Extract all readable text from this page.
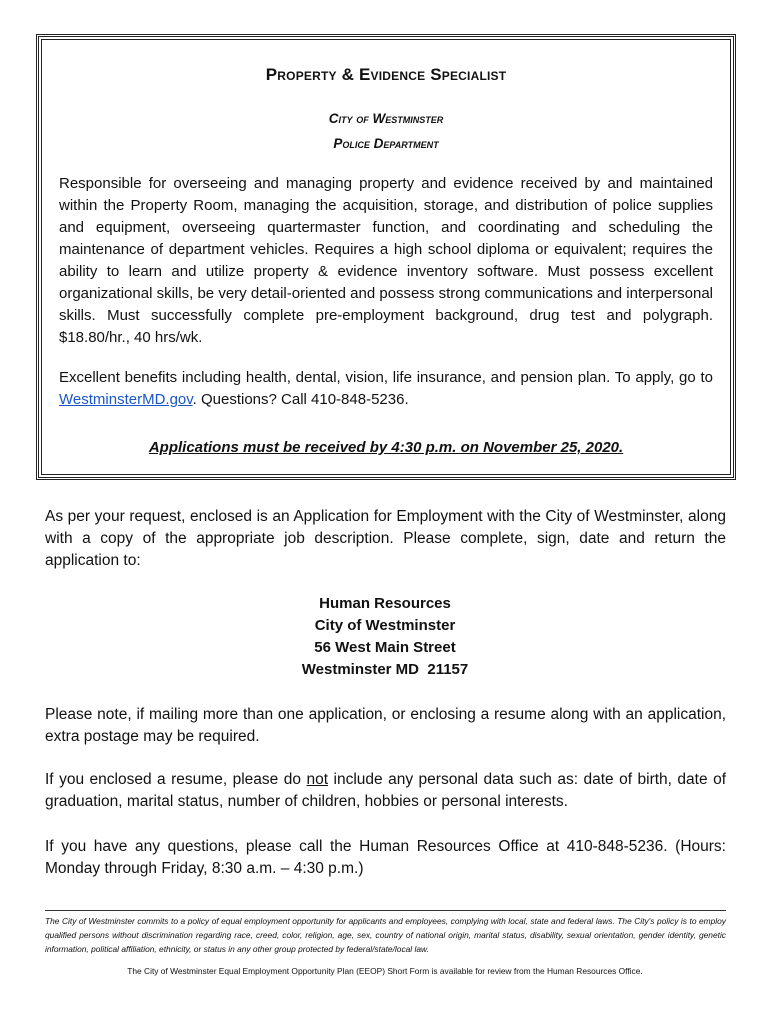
Property & Evidence Specialist
City of Westminster
Police Department
Responsible for overseeing and managing property and evidence received by and maintained within the Property Room, managing the acquisition, storage, and distribution of police supplies and equipment, overseeing quartermaster function, and coordinating and scheduling the maintenance of department vehicles. Requires a high school diploma or equivalent; requires the ability to learn and utilize property & evidence inventory software. Must possess excellent organizational skills, be very detail-oriented and possess strong communications and interpersonal skills. Must successfully complete pre-employment background, drug test and polygraph. $18.80/hr., 40 hrs/wk.
Excellent benefits including health, dental, vision, life insurance, and pension plan. To apply, go to WestminsterMD.gov. Questions? Call 410-848-5236.
Applications must be received by 4:30 p.m. on November 25, 2020.
As per your request, enclosed is an Application for Employment with the City of Westminster, along with a copy of the appropriate job description. Please complete, sign, date and return the application to:
Human Resources
City of Westminster
56 West Main Street
Westminster MD  21157
Please note, if mailing more than one application, or enclosing a resume along with an application, extra postage may be required.
If you enclosed a resume, please do not include any personal data such as: date of birth, date of graduation, marital status, number of children, hobbies or personal interests.
If you have any questions, please call the Human Resources Office at 410-848-5236. (Hours: Monday through Friday, 8:30 a.m. – 4:30 p.m.)
The City of Westminster commits to a policy of equal employment opportunity for applicants and employees, complying with local, state and federal laws. The City's policy is to employ qualified persons without discrimination regarding race, creed, color, religion, age, sex, country of national origin, marital status, disability, sexual orientation, gender identity, genetic information, political affiliation, ethnicity, or status in any other group protected by federal/state/local law.
The City of Westminster Equal Employment Opportunity Plan (EEOP) Short Form is available for review from the Human Resources Office.
